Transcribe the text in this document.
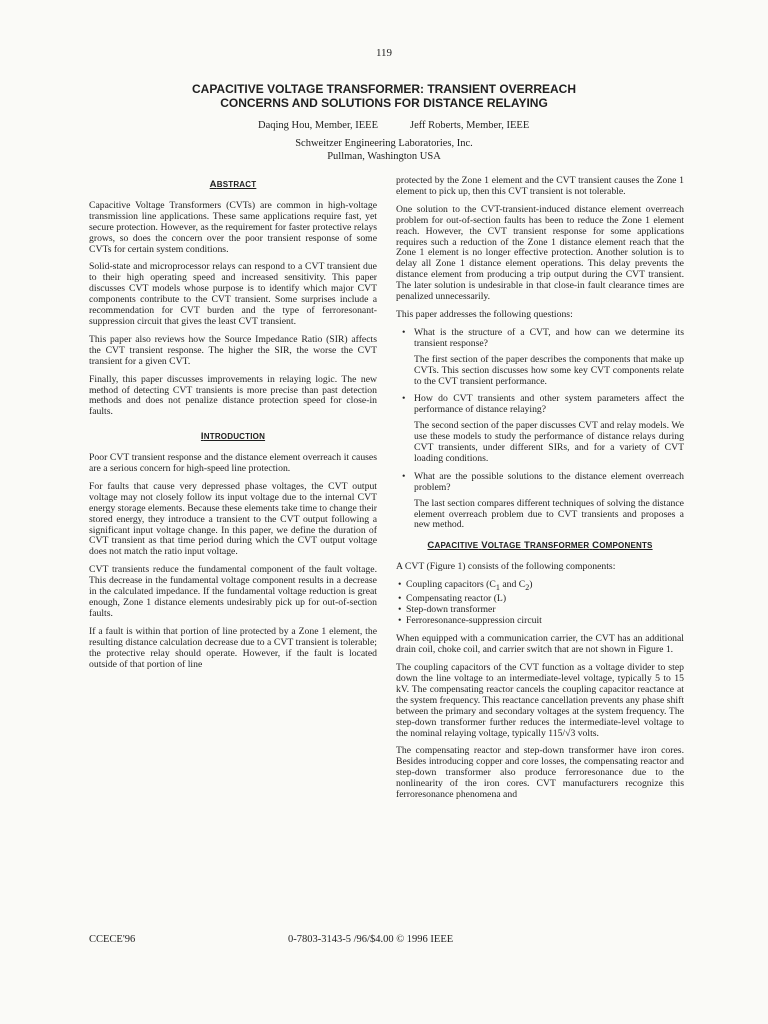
119
CAPACITIVE VOLTAGE TRANSFORMER: TRANSIENT OVERREACH
CONCERNS AND SOLUTIONS FOR DISTANCE RELAYING
Daqing Hou, Member, IEEE	Jeff Roberts, Member, IEEE
Schweitzer Engineering Laboratories, Inc.
Pullman, Washington USA
ABSTRACT

Capacitive Voltage Transformers (CVTs) are common in high-voltage transmission line applications. These same applications require fast, yet secure protection. However, as the requirement for faster protective relays grows, so does the concern over the poor transient response of some CVTs for certain system conditions.

Solid-state and microprocessor relays can respond to a CVT transient due to their high operating speed and increased sensitivity. This paper discusses CVT models whose purpose is to identify which major CVT components contribute to the CVT transient. Some surprises include a recommendation for CVT burden and the type of ferroresonant-suppression circuit that gives the least CVT transient.

This paper also reviews how the Source Impedance Ratio (SIR) affects the CVT transient response. The higher the SIR, the worse the CVT transient for a given CVT.

Finally, this paper discusses improvements in relaying logic. The new method of detecting CVT transients is more precise than past detection methods and does not penalize distance protection speed for close-in faults.

INTRODUCTION

Poor CVT transient response and the distance element overreach it causes are a serious concern for high-speed line protection.

For faults that cause very depressed phase voltages, the CVT output voltage may not closely follow its input voltage due to the internal CVT energy storage elements. Because these elements take time to change their stored energy, they introduce a transient to the CVT output following a significant input voltage change. In this paper, we define the duration of CVT transient as that time period during which the CVT output voltage does not match the ratio input voltage.

CVT transients reduce the fundamental component of the fault voltage. This decrease in the fundamental voltage component results in a decrease in the calculated impedance. If the fundamental voltage reduction is great enough, Zone 1 distance elements undesirably pick up for out-of-section faults.

If a fault is within that portion of line protected by a Zone 1 element, the resulting distance calculation decrease due to a CVT transient is tolerable; the protective relay should operate. However, if the fault is located outside of that portion of line

protected by the Zone 1 element and the CVT transient causes the Zone 1 element to pick up, then this CVT transient is not tolerable.

One solution to the CVT-transient-induced distance element overreach problem for out-of-section faults has been to reduce the Zone 1 element reach. However, the CVT transient response for some applications requires such a reduction of the Zone 1 distance element reach that the Zone 1 element is no longer effective protection. Another solution is to delay all Zone 1 distance element operations. This delay prevents the distance element from producing a trip output during the CVT transient. The later solution is undesirable in that close-in fault clearance times are penalized unnecessarily.

This paper addresses the following questions:

• What is the structure of a CVT, and how can we determine its transient response?

The first section of the paper describes the components that make up CVTs. This section discusses how some key CVT components relate to the CVT transient performance.

• How do CVT transients and other system parameters affect the performance of distance relaying?

The second section of the paper discusses CVT and relay models. We use these models to study the performance of distance relays during CVT transients, under different SIRs, and for a variety of CVT loading conditions.

• What are the possible solutions to the distance element overreach problem?

The last section compares different techniques of solving the distance element overreach problem due to CVT transients and proposes a new method.

CAPACITIVE VOLTAGE TRANSFORMER COMPONENTS

A CVT (Figure 1) consists of the following components:

• Coupling capacitors ($C_1$ and $C_2$)
• Compensating reactor (L)
• Step-down transformer
• Ferroresonance-suppression circuit

When equipped with a communication carrier, the CVT has an additional drain coil, choke coil, and carrier switch that are not shown in Figure 1.

The coupling capacitors of the CVT function as a voltage divider to step down the line voltage to an intermediate-level voltage, typically 5 to 15 kV. The compensating reactor cancels the coupling capacitor reactance at the system frequency. This reactance cancellation prevents any phase shift between the primary and secondary voltages at the system frequency. The step-down transformer further reduces the intermediate-level voltage to the nominal relaying voltage, typically 115/√3 volts.

The compensating reactor and step-down transformer have iron cores. Besides introducing copper and core losses, the compensating reactor and step-down transformer also produce ferroresonance due to the nonlinearity of the iron cores. CVT manufacturers recognize this ferroresonance phenomena and

CCECE'96	0-7803-3143-5 /96/$4.00 © 1996 IEEE
